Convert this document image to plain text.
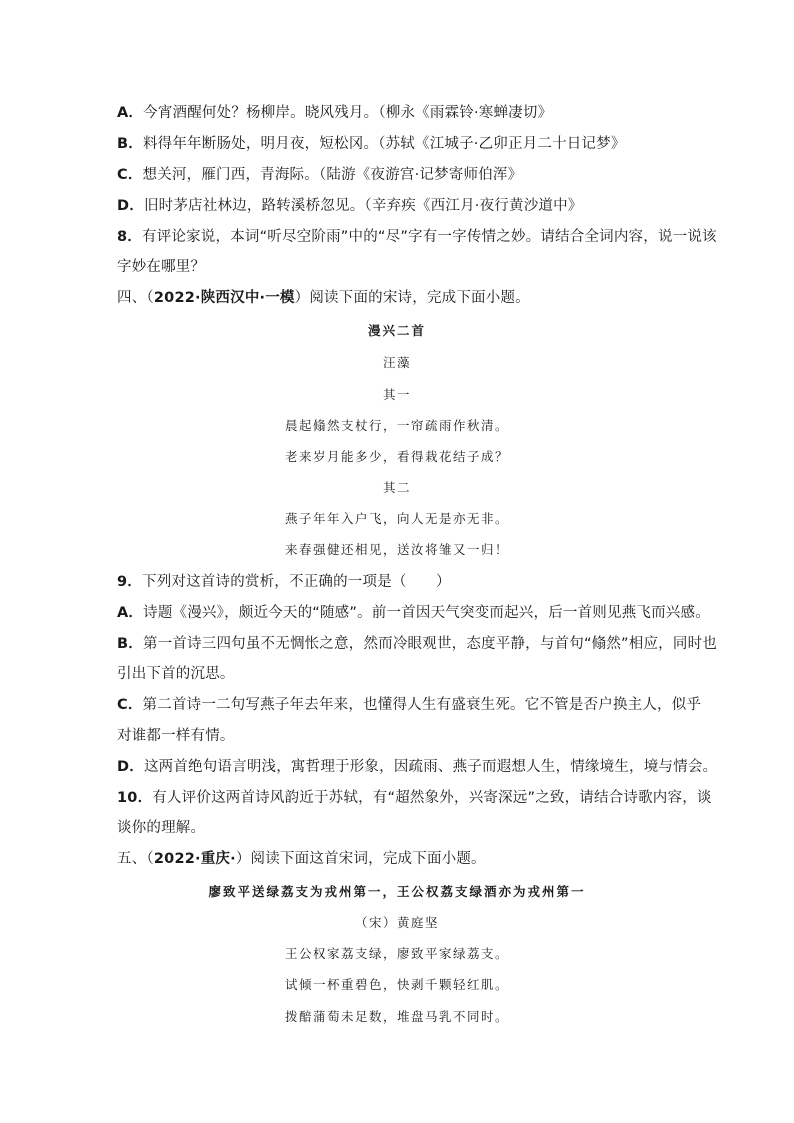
A．今宵酒醒何处？杨柳岸。晓风残月。（柳永《雨霖铃·寒蝉凄切》
B．料得年年断肠处，明月夜，短松冈。（苏轼《江城子·乙卯正月二十日记梦》
C．想关河，雁门西，青海际。（陆游《夜游宫·记梦寄师伯浑》
D．旧时茅店社林边，路转溪桥忽见。（辛弃疾《西江月·夜行黄沙道中》
8．有评论家说，本词“听尽空阶雨”中的“尽”字有一字传情之妙。请结合全词内容，说一说该
字妙在哪里？
四、（2022·陕西汉中·一模）阅读下面的宋诗，完成下面小题。
漫兴二首
汪藻
其一
晨起翛然支杖行，一帘疏雨作秋清。
老来岁月能多少，看得栽花结子成？
其二
燕子年年入户飞，向人无是亦无非。
来春强健还相见，送汝将雏又一归！
9．下列对这首诗的赏析，不正确的一项是（　　）
A．诗题《漫兴》，颇近今天的“随感”。前一首因天气突变而起兴，后一首则见燕飞而兴感。
B．第一首诗三四句虽不无惆怅之意，然而冷眼观世，态度平静，与首句“翛然”相应，同时也
引出下首的沉思。
C．第二首诗一二句写燕子年去年来，也懂得人生有盛衰生死。它不管是否户换主人，似乎
对谁都一样有情。
D．这两首绝句语言明浅，寓哲理于形象，因疏雨、燕子而遐想人生，情缘境生，境与情会。
10．有人评价这两首诗风韵近于苏轼，有“超然象外，兴寄深远”之致，请结合诗歌内容，谈
谈你的理解。
五、（2022·重庆·）阅读下面这首宋词，完成下面小题。
廖致平送绿荔支为戎州第一，王公权荔支绿酒亦为戎州第一
（宋）黄庭坚
王公权家荔支绿，廖致平家绿荔支。
试倾一杯重碧色，快剥千颗轻红肌。
拨醅蒲萄未足数，堆盘马乳不同时。
